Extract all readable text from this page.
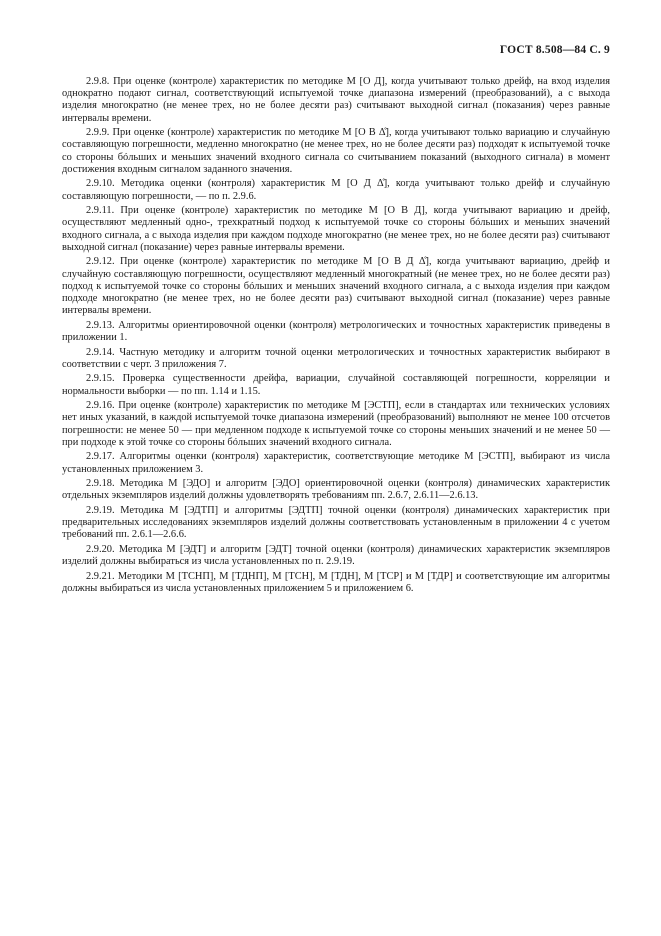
ГОСТ 8.508—84 С. 9

2.9.8. При оценке (контроле) характеристик по методике М [О Д], когда учитывают только дрейф, на вход изделия однократно подают сигнал, соответствующий испытуемой точке диапазона измерений (преобразований), а с выхода изделия многократно (не менее трех, но не более десяти раз) считывают выходной сигнал (показания) через равные интервалы времени.

2.9.9. При оценке (контроле) характеристик по методике М [О В Δ̊], когда учитывают только вариацию и случайную составляющую погрешности, медленно многократно (не менее трех, но не более десяти раз) подходят к испытуемой точке со стороны бóльших и меньших значений входного сигнала со считыванием показаний (выходного сигнала) в момент достижения входным сигналом заданного значения.

2.9.10. Методика оценки (контроля) характеристик М [О Д Δ̊], когда учитывают только дрейф и случайную составляющую погрешности, — по п. 2.9.6.

2.9.11. При оценке (контроле) характеристик по методике М [О В Д], когда учитывают вариацию и дрейф, осуществляют медленный одно-, трехкратный подход к испытуемой точке со стороны бóльших и меньших значений входного сигнала, а с выхода изделия при каждом подходе многократно (не менее трех, но не более десяти раз) считывают выходной сигнал (показание) через равные интервалы времени.

2.9.12. При оценке (контроле) характеристик по методике М [О В Д Δ̊], когда учитывают вариацию, дрейф и случайную составляющую погрешности, осуществляют медленный многократный (не менее трех, но не более десяти раз) подход к испытуемой точке со стороны бóльших и меньших значений входного сигнала, а с выхода изделия при каждом подходе многократно (не менее трех, но не более десяти раз) считывают выходной сигнал (показание) через равные интервалы времени.

2.9.13. Алгоритмы ориентировочной оценки (контроля) метрологических и точностных характеристик приведены в приложении 1.

2.9.14. Частную методику и алгоритм точной оценки метрологических и точностных характеристик выбирают в соответствии с черт. 3 приложения 7.

2.9.15. Проверка существенности дрейфа, вариации, случайной составляющей погрешности, корреляции и нормальности выборки — по пп. 1.14 и 1.15.

2.9.16. При оценке (контроле) характеристик по методике М [ЭСТП], если в стандартах или технических условиях нет иных указаний, в каждой испытуемой точке диапазона измерений (преобразований) выполняют не менее 100 отсчетов погрешности: не менее 50 — при медленном подходе к испытуемой точке со стороны меньших значений и не менее 50 — при подходе к этой точке со стороны бóльших значений входного сигнала.

2.9.17. Алгоритмы оценки (контроля) характеристик, соответствующие методике М [ЭСТП], выбирают из числа установленных приложением 3.

2.9.18. Методика М [ЭДО] и алгоритм [ЭДО] ориентировочной оценки (контроля) динамических характеристик отдельных экземпляров изделий должны удовлетворять требованиям пп. 2.6.7, 2.6.11—2.6.13.

2.9.19. Методика М [ЭДТП] и алгоритмы [ЭДТП] точной оценки (контроля) динамических характеристик при предварительных исследованиях экземпляров изделий должны соответствовать установленным в приложении 4 с учетом требований пп. 2.6.1—2.6.6.

2.9.20. Методика М [ЭДТ] и алгоритм [ЭДТ] точной оценки (контроля) динамических характеристик экземпляров изделий должны выбираться из числа установленных по п. 2.9.19.

2.9.21. Методики М [ТСНП], М [ТДНП], М [ТСН], М [ТДН], М [ТСР] и М [ТДР] и соответствующие им алгоритмы должны выбираться из числа установленных приложением 5 и приложением 6.
